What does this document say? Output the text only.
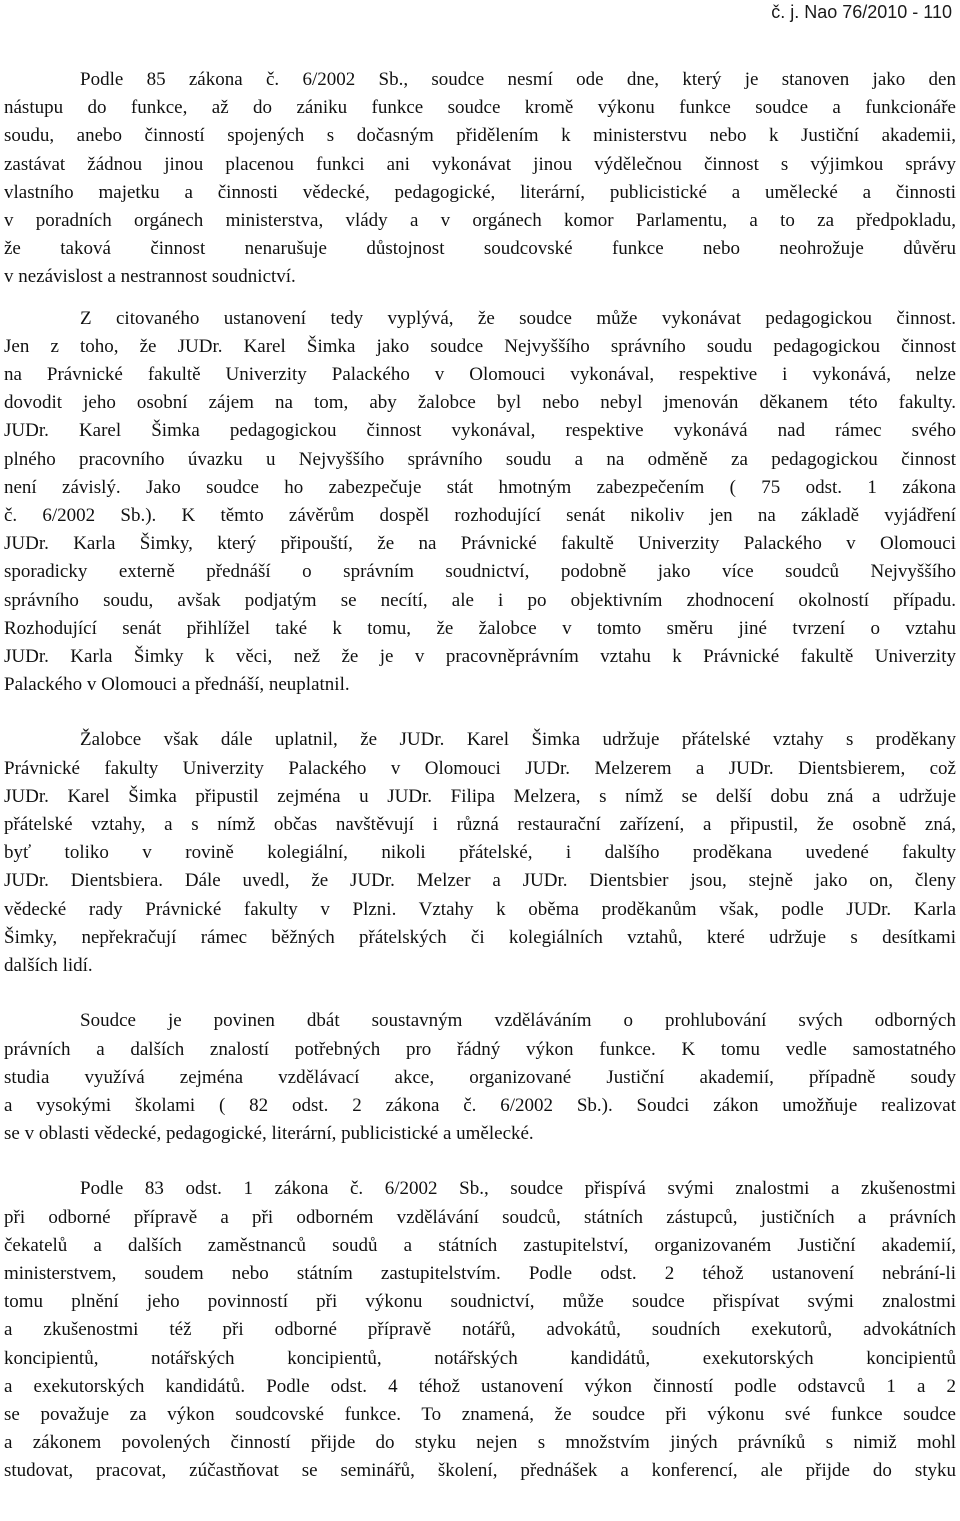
č. j. Nao 76/2010 - 110
Podle 85 zákona č. 6/2002 Sb., soudce nesmí ode dne, který je stanoven jako den
nástupu do funkce, až do zániku funkce soudce kromě výkonu funkce soudce a funkcionáře
soudu, anebo činností spojených s dočasným přidělením k ministerstvu nebo k Justiční akademii,
zastávat žádnou jinou placenou funkci ani vykonávat jinou výdělečnou činnost s výjimkou správy
vlastního majetku a činnosti vědecké, pedagogické, literární, publicistické a umělecké a činnosti
v poradních orgánech ministerstva, vlády a v orgánech komor Parlamentu, a to za předpokladu,
že taková činnost nenarušuje důstojnost soudcovské funkce nebo neohrožuje důvěru
v nezávislost a nestrannost soudnictví.
Z citovaného ustanovení tedy vyplývá, že soudce může vykonávat pedagogickou činnost.
Jen z toho, že JUDr. Karel Šimka jako soudce Nejvyššího správního soudu pedagogickou činnost
na Právnické fakultě Univerzity Palackého v Olomouci vykonával, respektive i vykonává, nelze
dovodit jeho osobní zájem na tom, aby žalobce byl nebo nebyl jmenován děkanem této fakulty.
JUDr. Karel Šimka pedagogickou činnost vykonával, respektive vykonává nad rámec svého
plného pracovního úvazku u Nejvyššího správního soudu a na odměně za pedagogickou činnost
není závislý. Jako soudce ho zabezpečuje stát hmotným zabezpečením ( 75 odst. 1 zákona
č. 6/2002 Sb.). K těmto závěrům dospěl rozhodující senát nikoliv jen na základě vyjádření
JUDr. Karla Šimky, který připouští, že na Právnické fakultě Univerzity Palackého v Olomouci
sporadicky externě přednáší o správním soudnictví, podobně jako více soudců Nejvyššího
správního soudu, avšak podjatým se necítí, ale i po objektivním zhodnocení okolností případu.
Rozhodující senát přihlížel také k tomu, že žalobce v tomto směru jiné tvrzení o vztahu
JUDr. Karla Šimky k věci, než že je v pracovněprávním vztahu k Právnické fakultě Univerzity
Palackého v Olomouci a přednáší, neuplatnil.
Žalobce však dále uplatnil, že JUDr. Karel Šimka udržuje přátelské vztahy s proděkany
Právnické fakulty Univerzity Palackého v Olomouci JUDr. Melzerem a JUDr. Dientsbierem, což
JUDr. Karel Šimka připustil zejména u JUDr. Filipa Melzera, s nímž se delší dobu zná a udržuje
přátelské vztahy, a s nímž občas navštěvují i různá restaurační zařízení, a připustil, že osobně zná,
byť toliko v rovině kolegiální, nikoli přátelské, i dalšího proděkana uvedené fakulty
JUDr. Dientsbiera. Dále uvedl, že JUDr. Melzer a JUDr. Dientsbier jsou, stejně jako on, členy
vědecké rady Právnické fakulty v Plzni. Vztahy k oběma proděkanům však, podle JUDr. Karla
Šimky, nepřekračují rámec běžných přátelských či kolegiálních vztahů, které udržuje s desítkami
dalších lidí.
Soudce je povinen dbát soustavným vzděláváním o prohlubování svých odborných
právních a dalších znalostí potřebných pro řádný výkon funkce. K tomu vedle samostatného
studia využívá zejména vzdělávací akce, organizované Justiční akademií, případně soudy
a vysokými školami ( 82 odst. 2 zákona č. 6/2002 Sb.). Soudci zákon umožňuje realizovat
se v oblasti vědecké, pedagogické, literární, publicistické a umělecké.
Podle 83 odst. 1 zákona č. 6/2002 Sb., soudce přispívá svými znalostmi a zkušenostmi
při odborné přípravě a při odborném vzdělávání soudců, státních zástupců, justičních a právních
čekatelů a dalších zaměstnanců soudů a státních zastupitelství, organizovaném Justiční akademií,
ministerstvem, soudem nebo státním zastupitelstvím. Podle odst. 2 téhož ustanovení nebrání-li
tomu plnění jeho povinností při výkonu soudnictví, může soudce přispívat svými znalostmi
a zkušenostmi též při odborné přípravě notářů, advokátů, soudních exekutorů, advokátních
koncipientů, notářských koncipientů, notářských kandidátů, exekutorských koncipientů
a exekutorských kandidátů. Podle odst. 4 téhož ustanovení výkon činností podle odstavců 1 a 2
se považuje za výkon soudcovské funkce. To znamená, že soudce při výkonu své funkce soudce
a zákonem povolených činností přijde do styku nejen s množstvím jiných právníků s nimiž mohl
studovat, pracovat, zúčastňovat se seminářů, školení, přednášek a konferencí, ale přijde do styku
